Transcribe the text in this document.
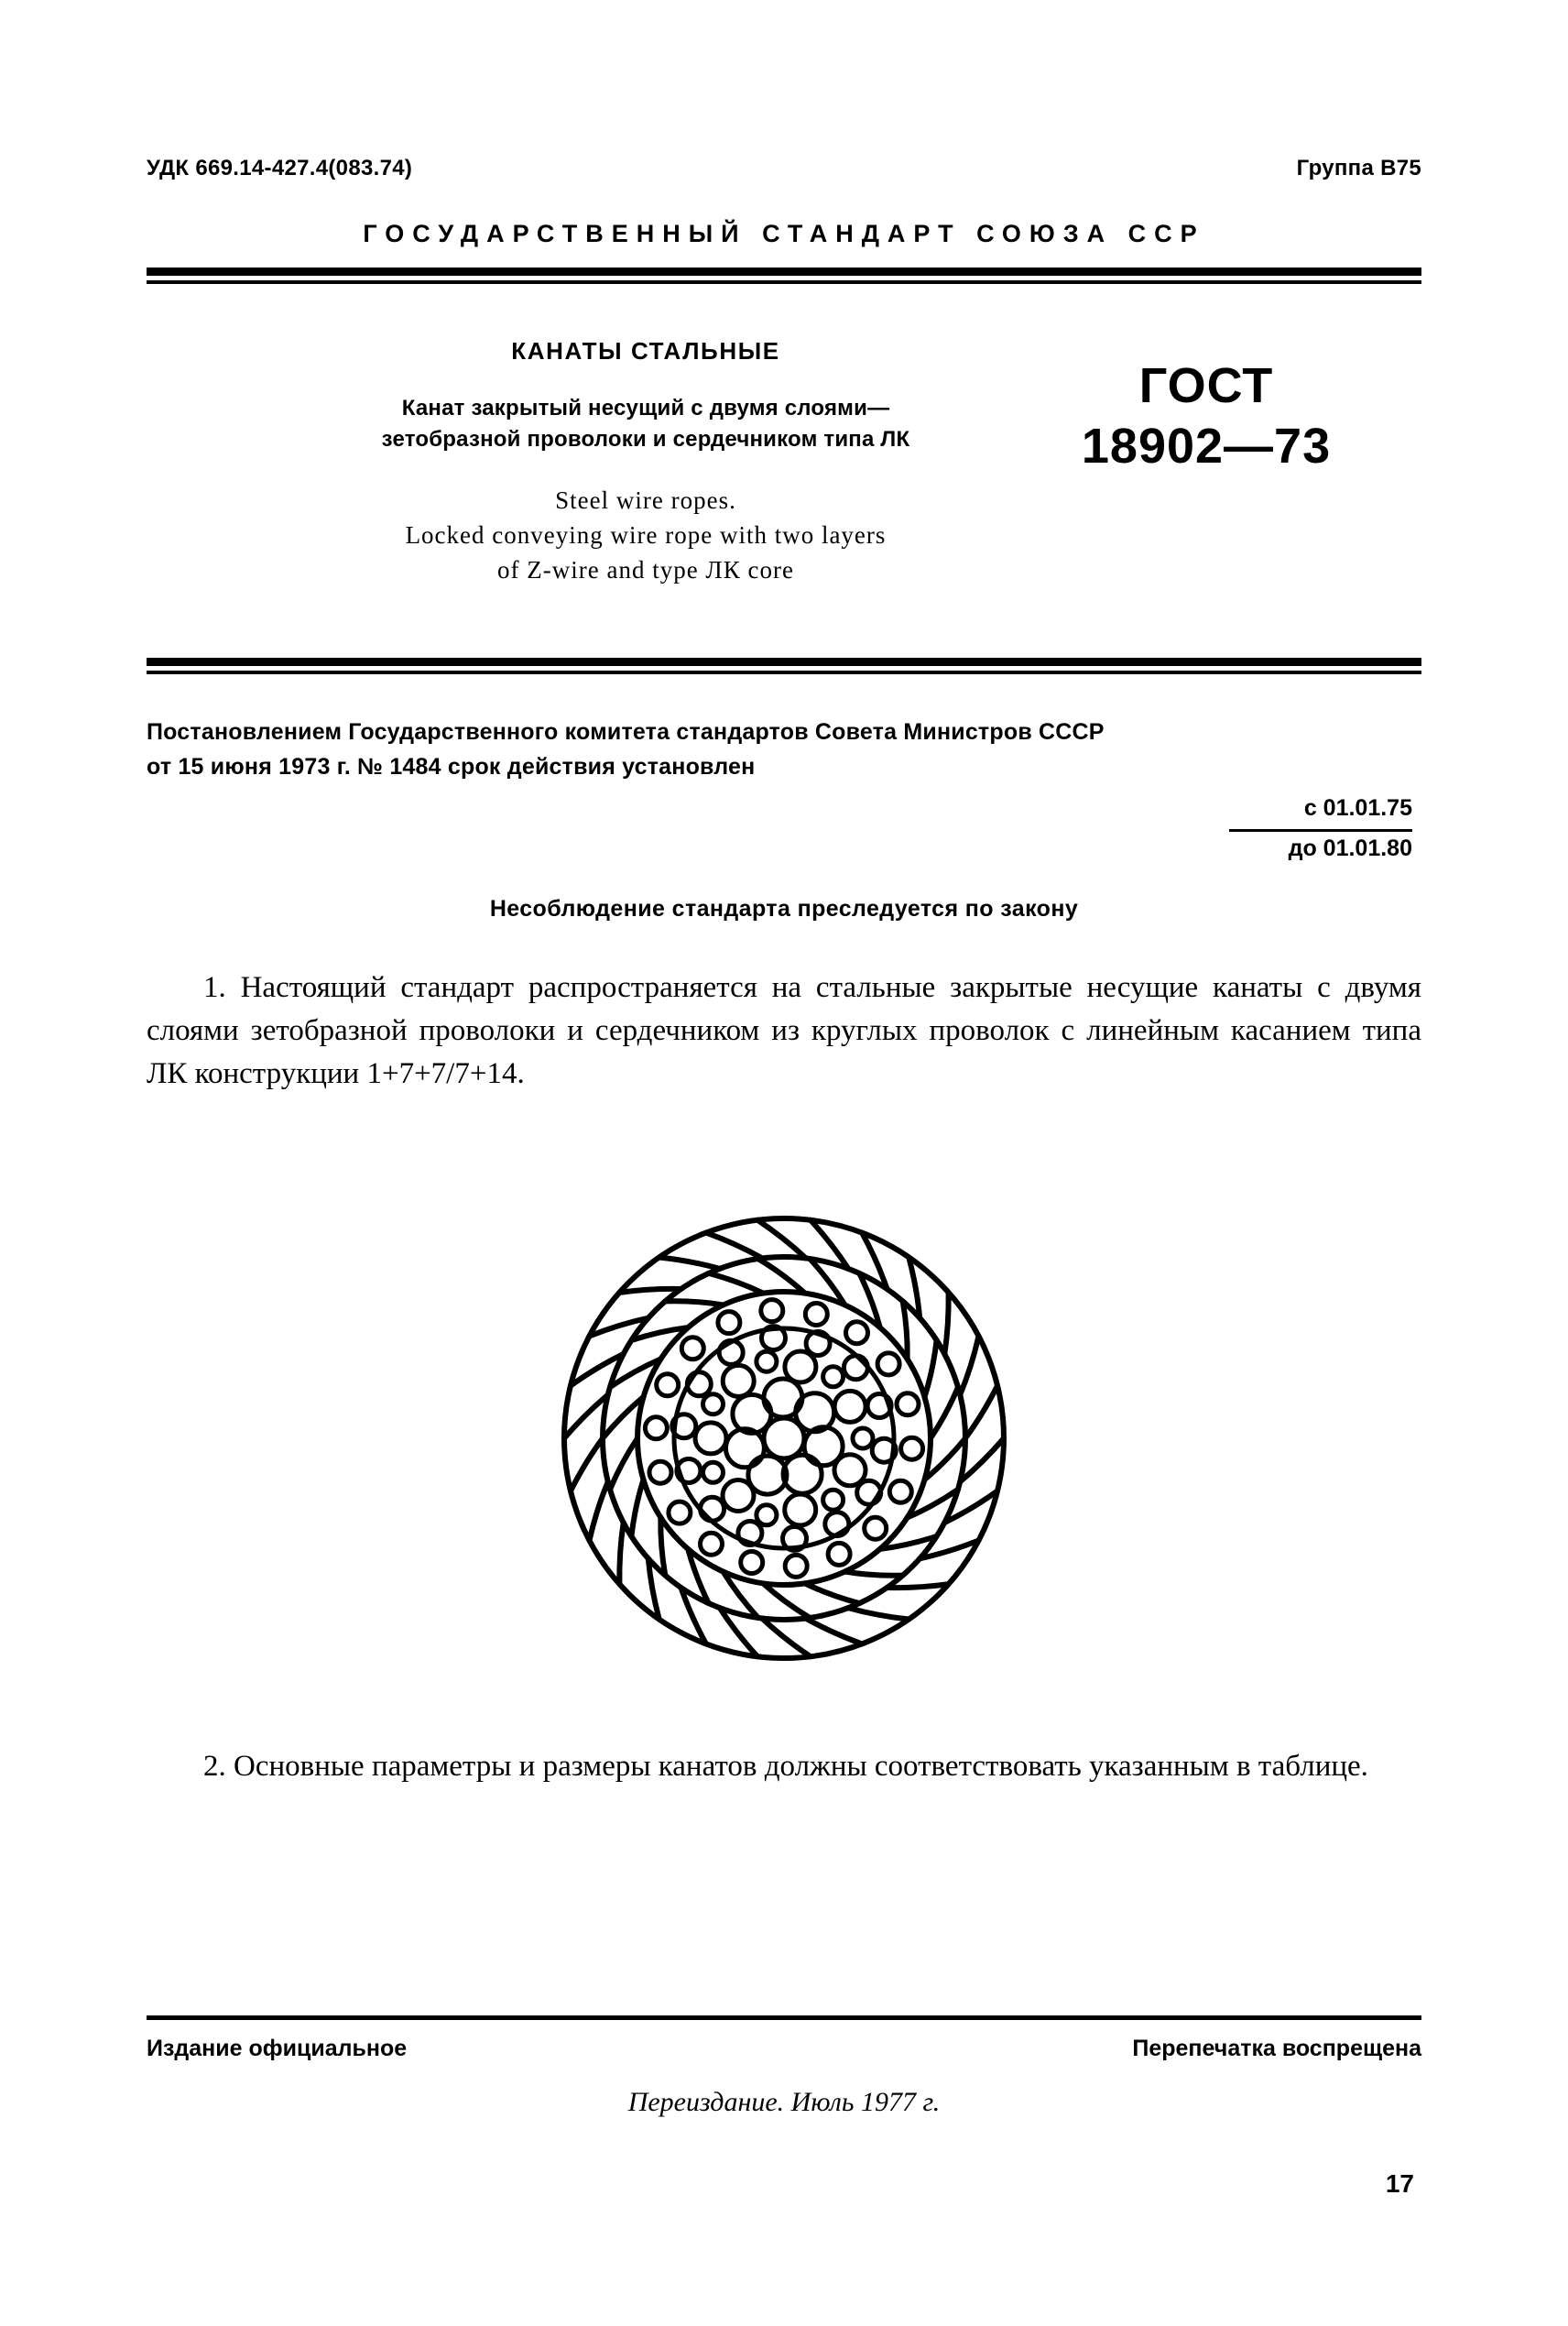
УДК 669.14-427.4(083.74)	Группа В75
ГОСУДАРСТВЕННЫЙ СТАНДАРТ СОЮЗА ССР
КАНАТЫ СТАЛЬНЫЕ
Канат закрытый несущий с двумя слоями—
зетобразной проволоки и сердечником типа ЛК
Steel wire ropes.
Locked conveying wire rope with two layers
of Z-wire and type ЛК core
ГОСТ
18902—73
Постановлением Государственного комитета стандартов Совета Министров СССР
от 15 июня 1973 г. № 1484 срок действия установлен
с 01.01.75
до 01.01.80
Несоблюдение стандарта преследуется по закону
1. Настоящий стандарт распространяется на стальные закрытые несущие канаты с двумя слоями зетобразной проволоки и сердечником из круглых проволок с линейным касанием типа ЛК конструкции 1+7+7/7+14.
2. Основные параметры и размеры канатов должны соответствовать указанным в таблице.
Издание официальное	Перепечатка воспрещена
Переиздание. Июль 1977 г.
17
